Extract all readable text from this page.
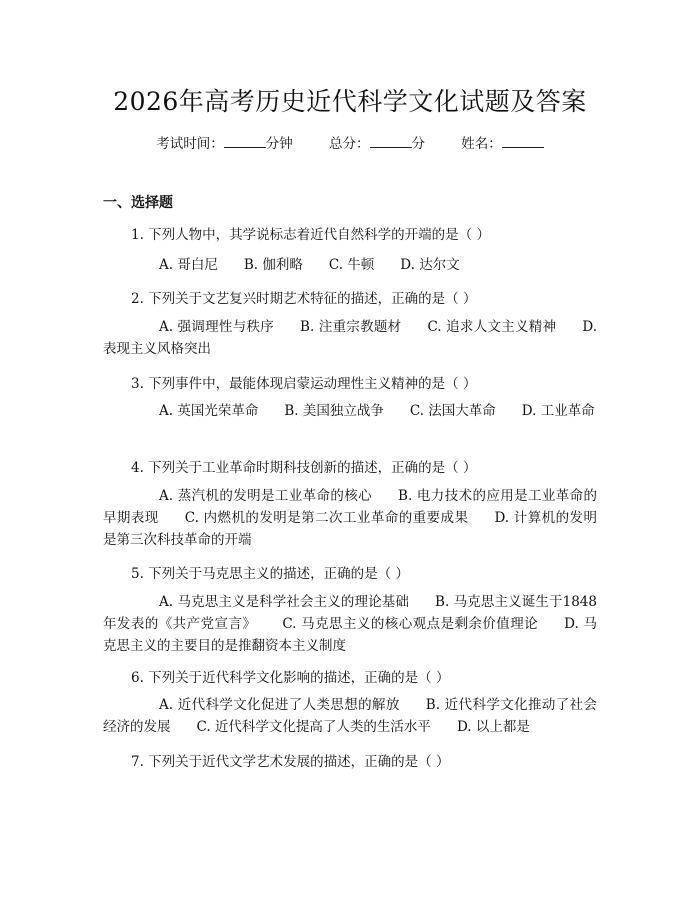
2026年高考历史近代科学文化试题及答案
考试时间：	分钟	总分：	分	姓名：
一、选择题
1. 下列人物中，其学说标志着近代自然科学的开端的是（ ）
A. 哥白尼 B. 伽利略 C. 牛顿 D. 达尔文
2. 下列关于文艺复兴时期艺术特征的描述，正确的是（ ）
A. 强调理性与秩序 B. 注重宗教题材 C. 追求人文主义精神 D. 表现主义风格突出
3. 下列事件中，最能体现启蒙运动理性主义精神的是（ ）
A. 英国光荣革命 B. 美国独立战争 C. 法国大革命 D. 工业革命
4. 下列关于工业革命时期科技创新的描述，正确的是（ ）
A. 蒸汽机的发明是工业革命的核心 B. 电力技术的应用是工业革命的早期表现 C. 内燃机的发明是第二次工业革命的重要成果 D. 计算机的发明是第三次科技革命的开端
5. 下列关于马克思主义的描述，正确的是（ ）
A. 马克思主义是科学社会主义的理论基础 B. 马克思主义诞生于1848年发表的《共产党宣言》 C. 马克思主义的核心观点是剩余价值理论 D. 马克思主义的主要目的是推翻资本主义制度
6. 下列关于近代科学文化影响的描述，正确的是（ ）
A. 近代科学文化促进了人类思想的解放 B. 近代科学文化推动了社会经济的发展 C. 近代科学文化提高了人类的生活水平 D. 以上都是
7. 下列关于近代文学艺术发展的描述，正确的是（ ）
